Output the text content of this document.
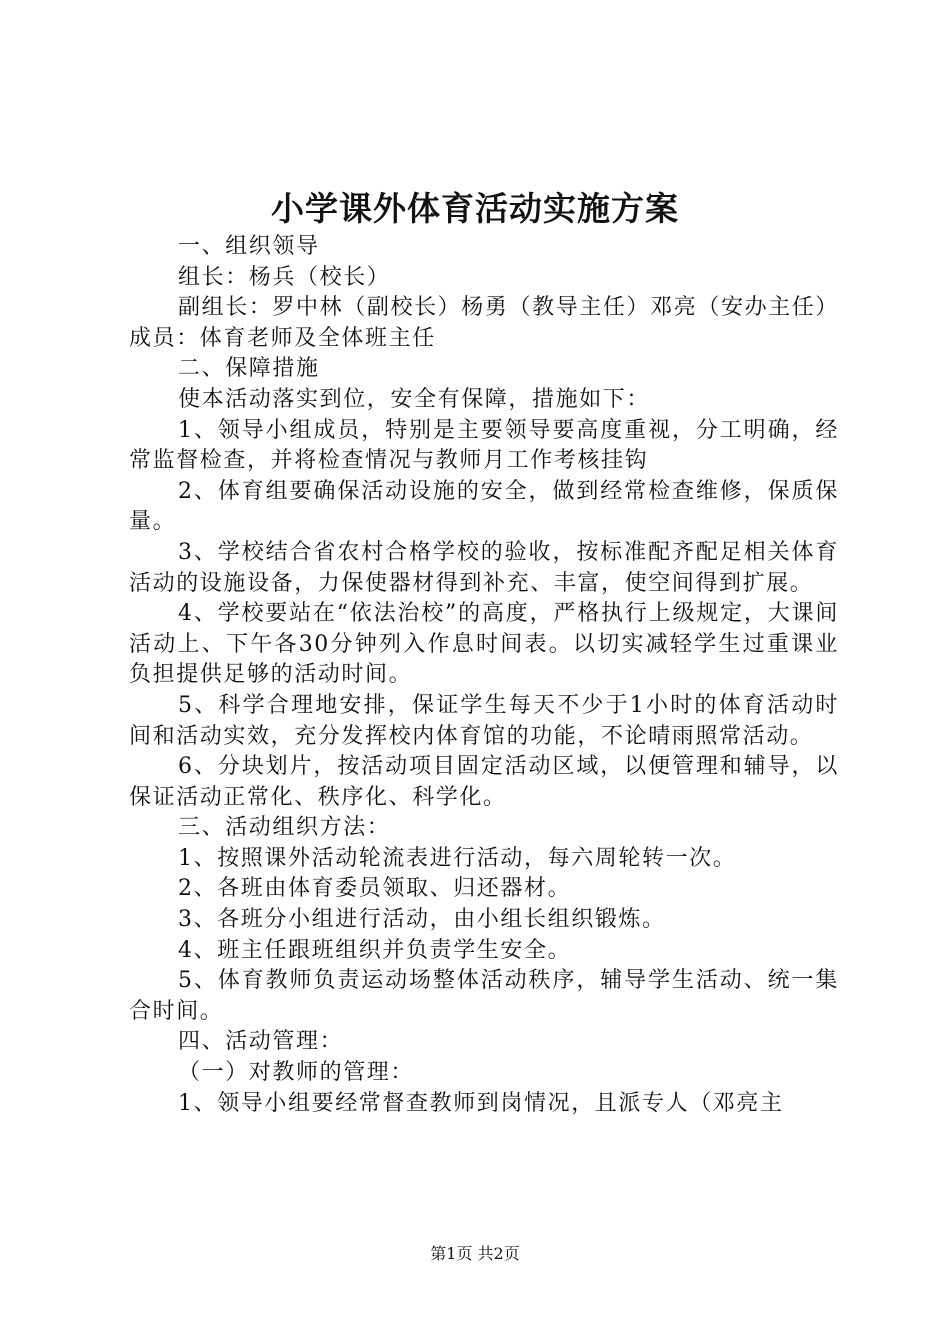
小学课外体育活动实施方案

一、组织领导

组长：杨兵（校长）

副组长：罗中林（副校长）杨勇（教导主任）邓亮（安办主任）成员：体育老师及全体班主任

二、保障措施

使本活动落实到位，安全有保障，措施如下：

1、领导小组成员，特别是主要领导要高度重视，分工明确，经常监督检查，并将检查情况与教师月工作考核挂钩

2、体育组要确保活动设施的安全，做到经常检查维修，保质保量。

3、学校结合省农村合格学校的验收，按标准配齐配足相关体育活动的设施设备，力保使器材得到补充、丰富，使空间得到扩展。

4、学校要站在“依法治校”的高度，严格执行上级规定，大课间活动上、下午各30分钟列入作息时间表。以切实减轻学生过重课业负担提供足够的活动时间。

5、科学合理地安排，保证学生每天不少于1小时的体育活动时间和活动实效，充分发挥校内体育馆的功能，不论晴雨照常活动。

6、分块划片，按活动项目固定活动区域，以便管理和辅导，以保证活动正常化、秩序化、科学化。

三、活动组织方法：

1、按照课外活动轮流表进行活动，每六周轮转一次。

2、各班由体育委员领取、归还器材。

3、各班分小组进行活动，由小组长组织锻炼。

4、班主任跟班组织并负责学生安全。

5、体育教师负责运动场整体活动秩序，辅导学生活动、统一集合时间。

四、活动管理：

（一）对教师的管理：

1、领导小组要经常督查教师到岗情况，且派专人（邓亮主

第1页 共2页
